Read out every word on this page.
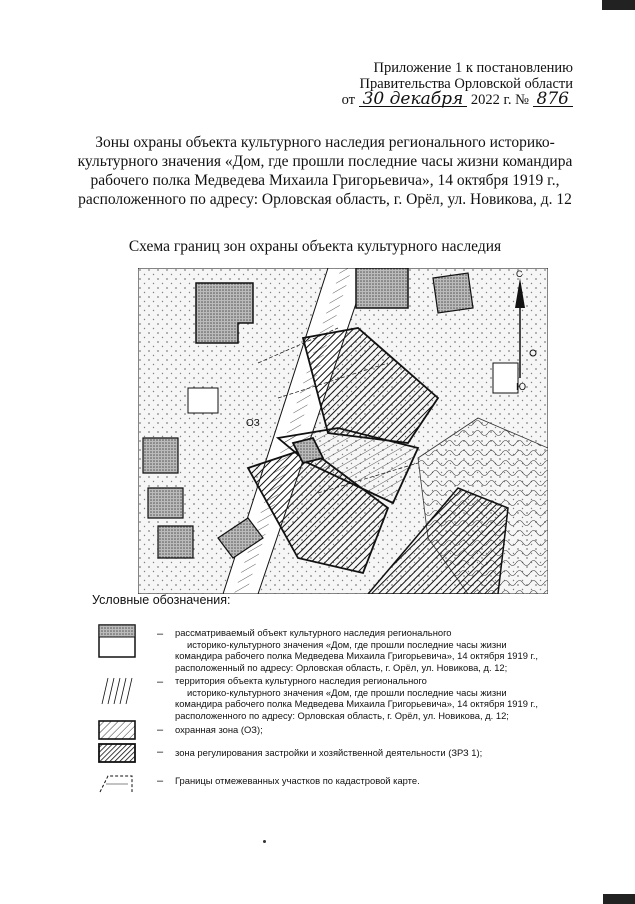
Приложение 1 к постановлению
Правительства Орловской области
от 30 декабря 2022 г. № 876
Зоны охраны объекта культурного наследия регионального историко-культурного значения «Дом, где прошли последние часы жизни командира рабочего полка Медведева Михаила Григорьевича», 14 октября 1919 г., расположенного по адресу: Орловская область, г. Орёл, ул. Новикова, д. 12
Схема границ зон охраны объекта культурного наследия
ОЗ
С
Ю
Условные обозначения:
– рассматриваемый объект культурного наследия регионального
историко-культурного значения «Дом, где прошли последние часы жизни
командира рабочего полка Медведева Михаила Григорьевича», 14 октября 1919 г.,
расположенный по адресу: Орловская область, г. Орёл, ул. Новикова, д. 12;
– территория объекта культурного наследия регионального
историко-культурного значения «Дом, где прошли последние часы жизни
командира рабочего полка Медведева Михаила Григорьевича», 14 октября 1919 г.,
расположенного по адресу: Орловская область, г. Орёл, ул. Новикова, д. 12;
– охранная зона (ОЗ);
– зона регулирования застройки и хозяйственной деятельности (ЗРЗ 1);
– Границы отмежеванных участков по кадастровой карте.
